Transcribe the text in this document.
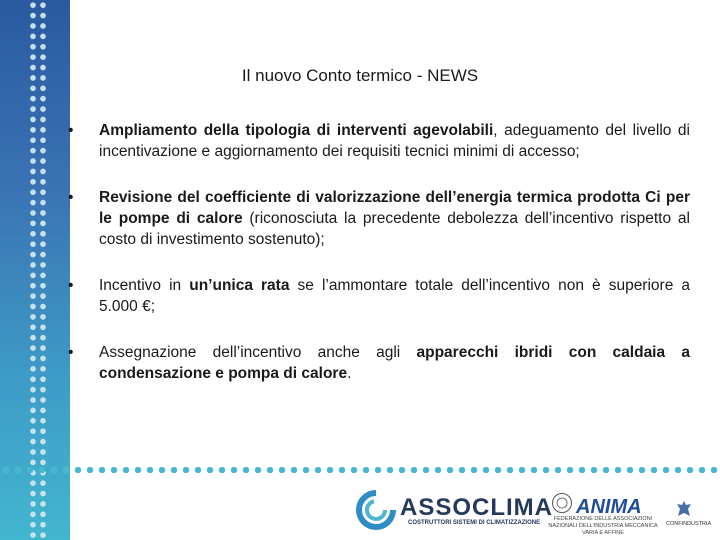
Il nuovo Conto termico - NEWS
•	Ampliamento della tipologia di interventi agevolabili, adeguamento del livello di incentivazione e aggiornamento dei requisiti tecnici minimi di accesso;
•	Revisione del coefficiente di valorizzazione dell’energia termica prodotta Ci per le pompe di calore (riconosciuta la precedente debolezza dell’incentivo rispetto al costo di investimento sostenuto);
•	Incentivo in un’unica rata se l’ammontare totale dell’incentivo non è superiore a 5.000 €;
•	Assegnazione dell’incentivo anche agli apparecchi ibridi con caldaia a condensazione e pompa di calore.
ASSOCLIMA
COSTRUTTORI SISTEMI DI CLIMATIZZAZIONE
ANIMA
FEDERAZIONE DELLE ASSOCIAZIONI NAZIONALI DELL'INDUSTRIA MECCANICA VARIA E AFFINE
CONFINDUSTRIA
